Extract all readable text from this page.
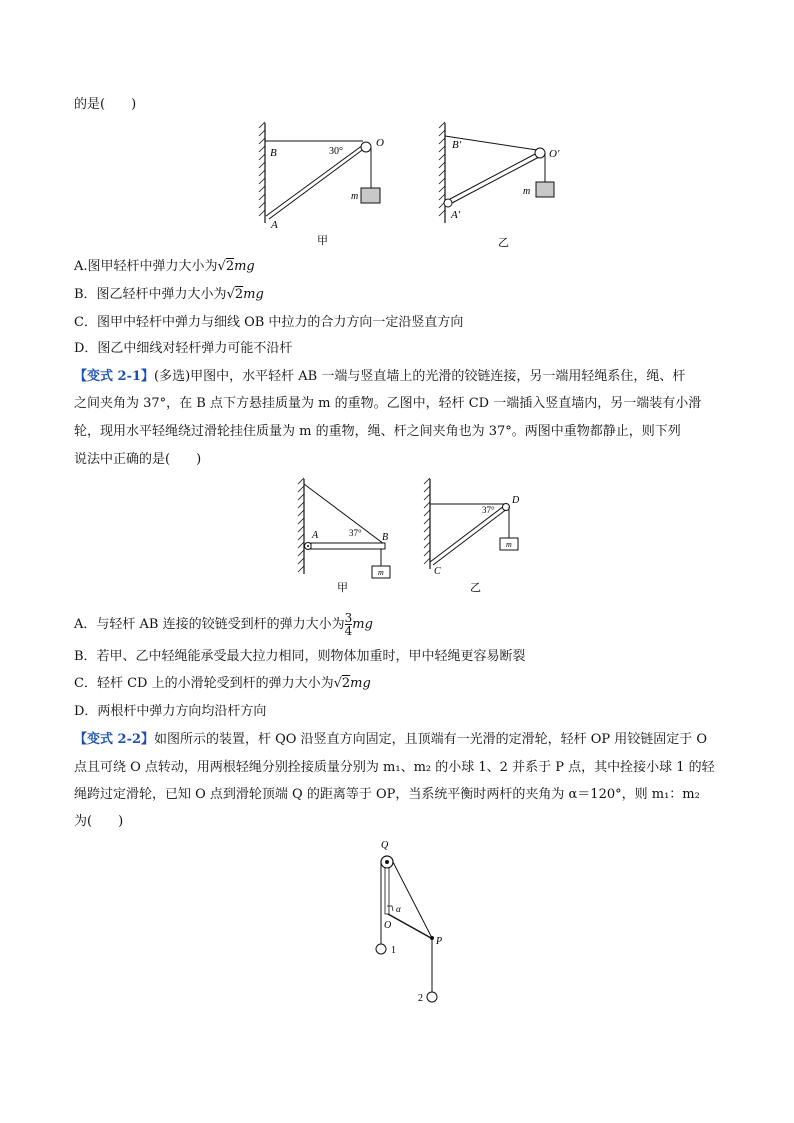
的是(　　)
B	30°
O
m
A
甲
B′
O′
m
A′
乙
A.图甲轻杆中弹力大小为√2mg
B．图乙轻杆中弹力大小为√2mg
C．图甲中轻杆中弹力与细线 OB 中拉力的合力方向一定沿竖直方向
D．图乙中细线对轻杆弹力可能不沿杆
【变式 2-1】(多选)甲图中，水平轻杆 AB 一端与竖直墙上的光滑的铰链连接，另一端用轻绳系住，绳、杆
之间夹角为 37°，在 B 点下方悬挂质量为 m 的重物。乙图中，轻杆 CD 一端插入竖直墙内，另一端装有小滑
轮，现用水平轻绳绕过滑轮挂住质量为 m 的重物，绳、杆之间夹角也为 37°。两图中重物都静止，则下列
说法中正确的是(　　)
A	37° B
m
甲
37°
D
m
C
乙
A．与轻杆 AB 连接的铰链受到杆的弹力大小为 $\frac{3}{4}$ mg
B．若甲、乙中轻绳能承受最大拉力相同，则物体加重时，甲中轻绳更容易断裂
C．轻杆 CD 上的小滑轮受到杆的弹力大小为√2mg
D．两根杆中弹力方向均沿杆方向
【变式 2-2】如图所示的装置，杆 QO 沿竖直方向固定，且顶端有一光滑的定滑轮，轻杆 OP 用铰链固定于 O
点且可绕 O 点转动，用两根轻绳分别拴接质量分别为 m₁、m₂ 的小球 1、2 并系于 P 点，其中拴接小球 1 的轻
绳跨过定滑轮，已知 O 点到滑轮顶端 Q 的距离等于 OP，当系统平衡时两杆的夹角为 α＝120°，则 m₁：m₂
为(　　)
Q
α
O
P
1
2
